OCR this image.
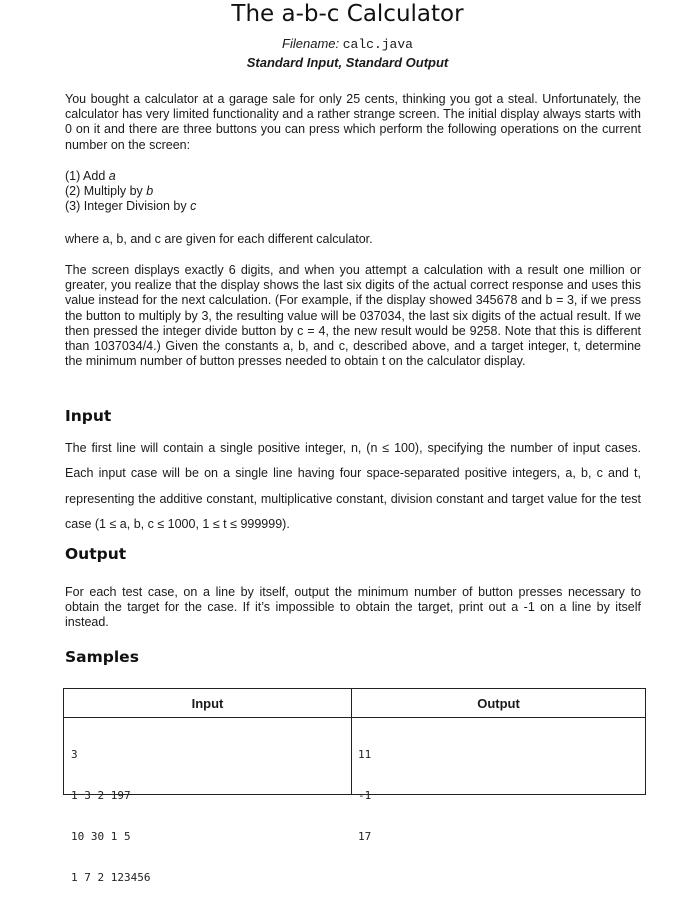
The a-b-c Calculator
Filename: calc.java
Standard Input, Standard Output

You bought a calculator at a garage sale for only 25 cents, thinking you got a steal. Unfortunately, the calculator has very limited functionality and a rather strange screen. The initial display always starts with 0 on it and there are three buttons you can press which perform the following operations on the current number on the screen:

(1) Add a
(2) Multiply by b
(3) Integer Division by c

where a, b, and c are given for each different calculator.

The screen displays exactly 6 digits, and when you attempt a calculation with a result one million or greater, you realize that the display shows the last six digits of the actual correct response and uses this value instead for the next calculation. (For example, if the display showed 345678 and b = 3, if we press the button to multiply by 3, the resulting value will be 037034, the last six digits of the actual result. If we then pressed the integer divide button by c = 4, the new result would be 9258. Note that this is different than 1037034/4.) Given the constants a, b, and c, described above, and a target integer, t, determine the minimum number of button presses needed to obtain t on the calculator display.

Input

The first line will contain a single positive integer, n, (n ≤ 100), specifying the number of input cases. Each input case will be on a single line having four space-separated positive integers, a, b, c and t, representing the additive constant, multiplicative constant, division constant and target value for the test case (1 ≤ a, b, c ≤ 1000, 1 ≤ t ≤ 999999).

Output

For each test case, on a line by itself, output the minimum number of button presses necessary to obtain the target for the case. If it’s impossible to obtain the target, print out a -1 on a line by itself instead.

Samples
Input	Output

3

1 3 2 197

10 30 1 5

1 7 2 123456

11

-1

17
